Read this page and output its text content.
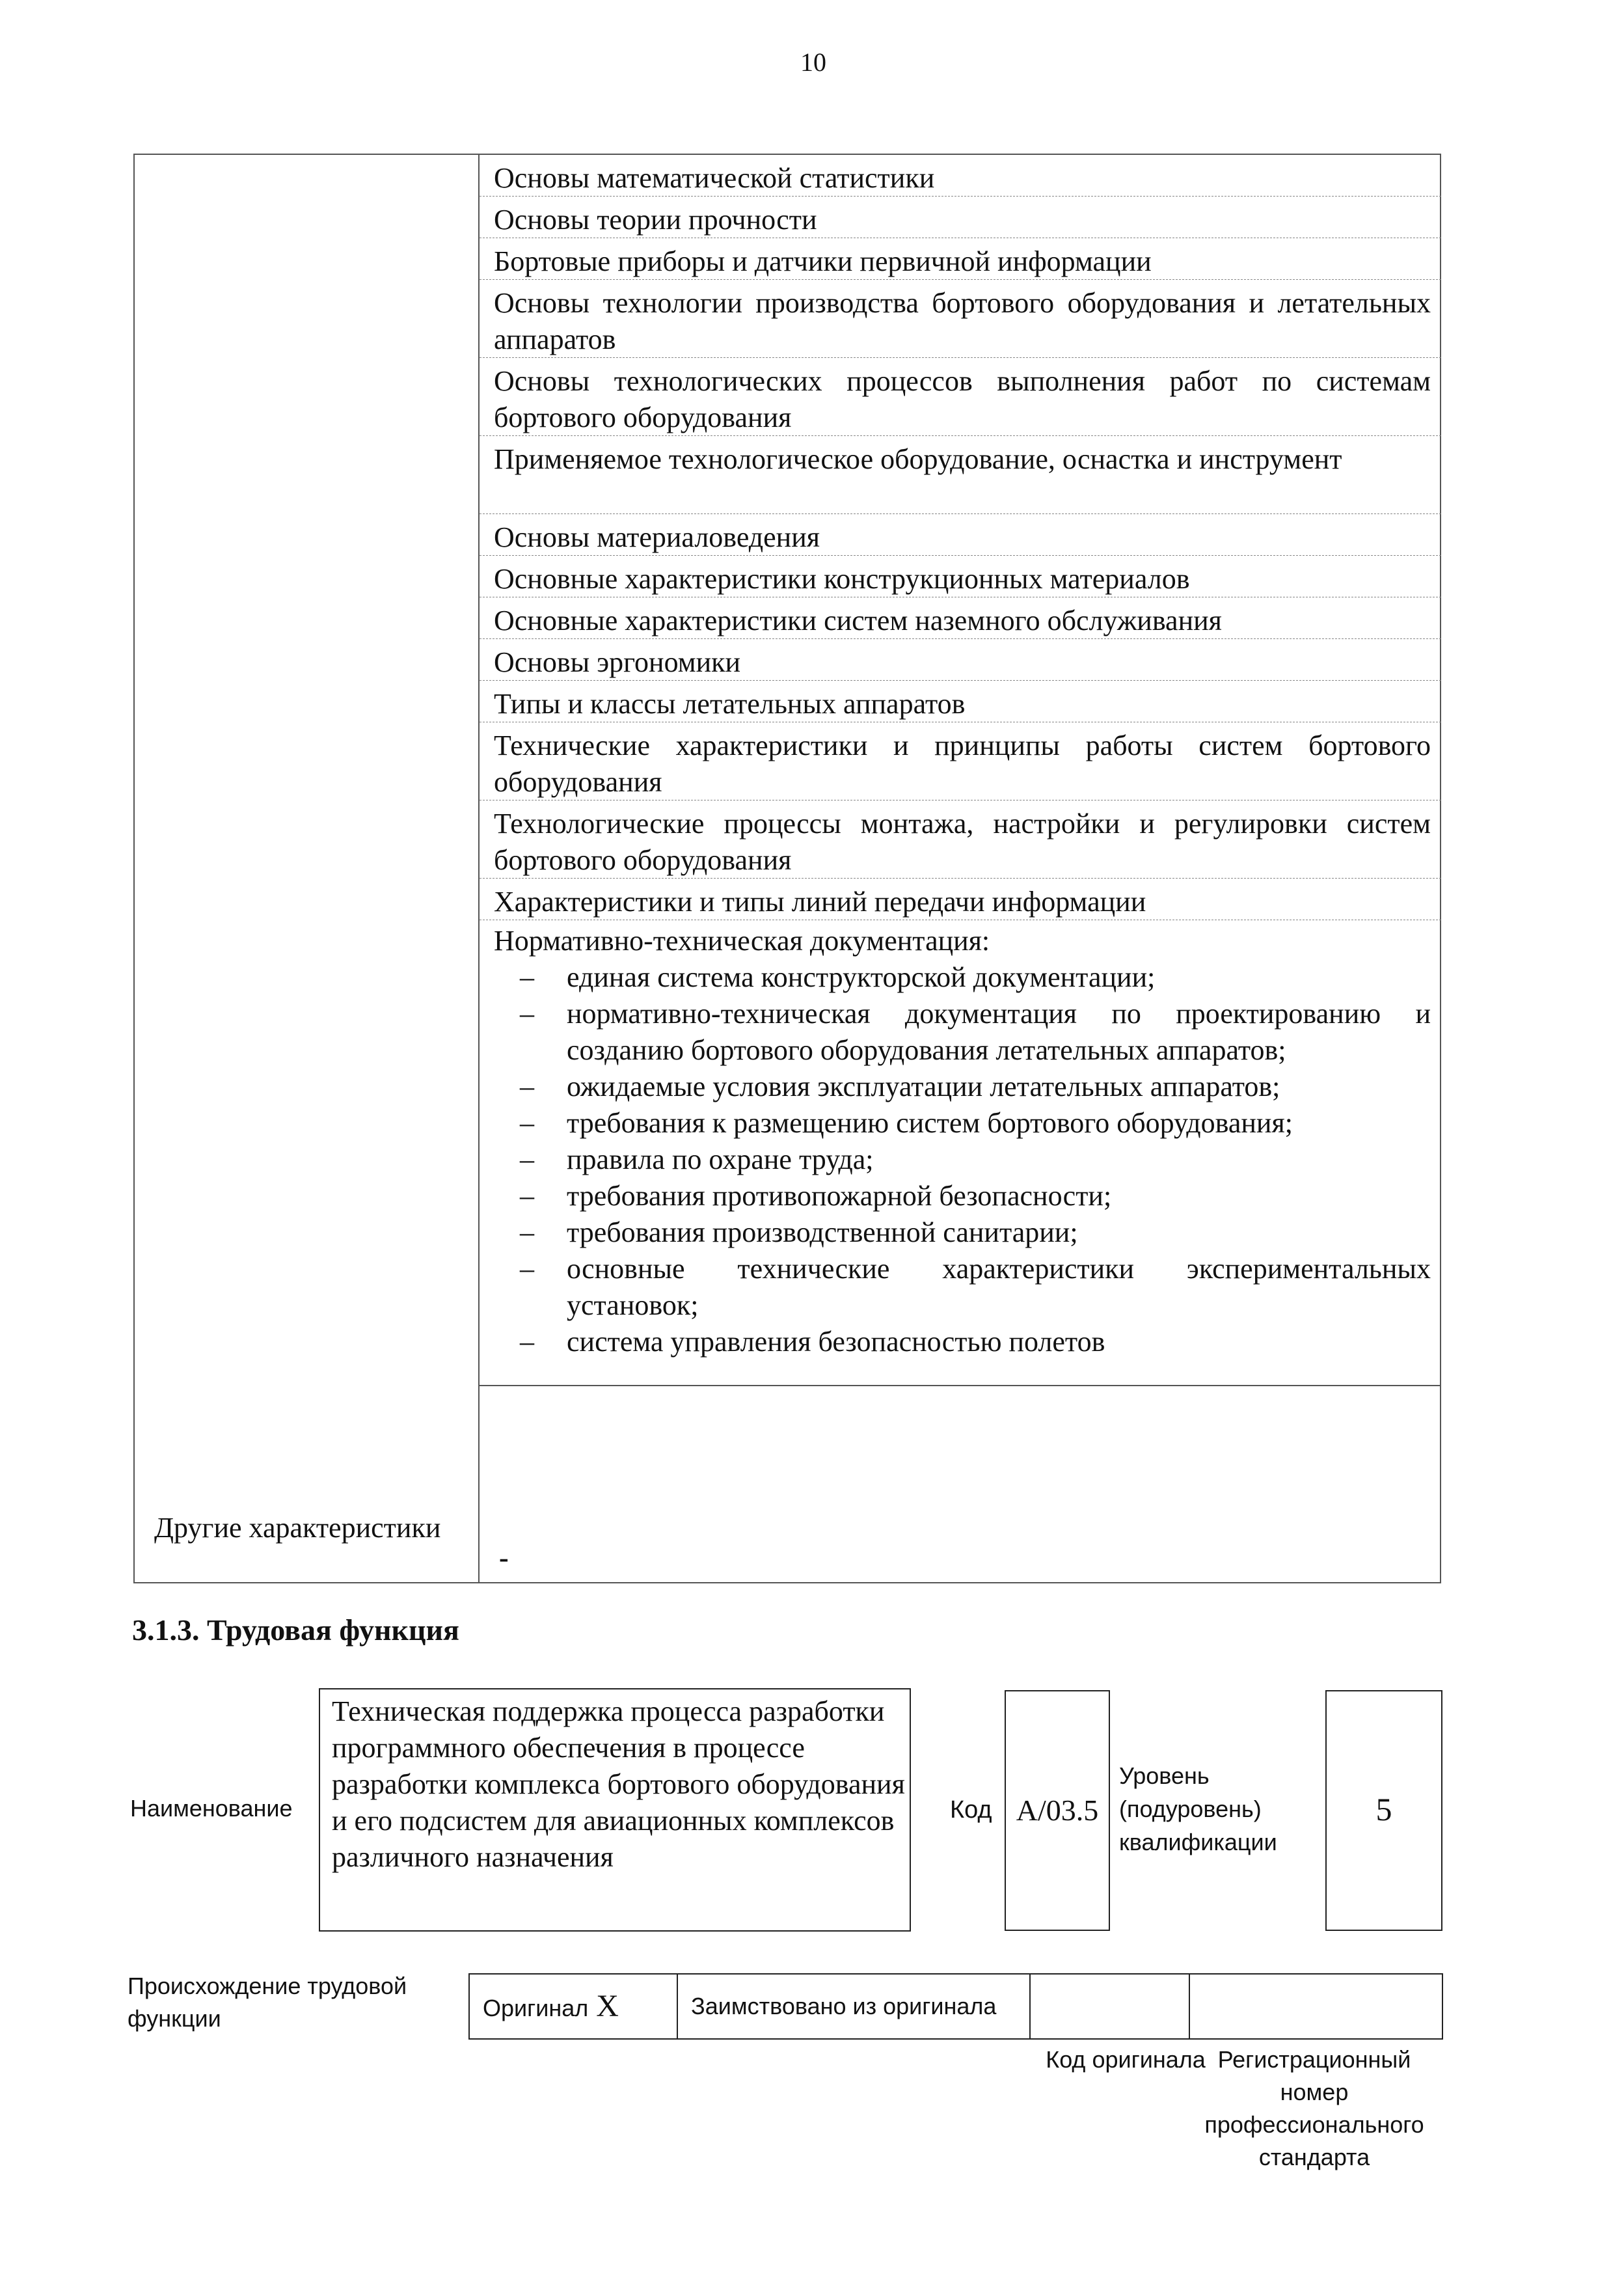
10
Основы математической статистики
Основы теории прочности
Бортовые приборы и датчики первичной информации
Основы технологии производства бортового оборудования и летательных аппаратов
Основы технологических процессов выполнения работ по системам бортового оборудования
Применяемое технологическое оборудование, оснастка и инструмент
Основы материаловедения
Основные характеристики конструкционных материалов
Основные характеристики систем наземного обслуживания
Основы эргономики
Типы и классы летательных аппаратов
Технические характеристики и принципы работы систем бортового оборудования
Технологические процессы монтажа, настройки и регулировки систем бортового оборудования
Характеристики и типы линий передачи информации
Нормативно-техническая документация:
– единая система конструкторской документации;
– нормативно-техническая документация по проектированию и созданию бортового оборудования летательных аппаратов;
– ожидаемые условия эксплуатации летательных аппаратов;
– требования к размещению систем бортового оборудования;
– правила по охране труда;
– требования противопожарной безопасности;
– требования производственной санитарии;
– основные технические характеристики экспериментальных установок;
– система управления безопасностью полетов
Другие характеристики
-
3.1.3. Трудовая функция
Наименование
Техническая поддержка процесса разработки программного обеспечения в процессе разработки комплекса бортового оборудования и его подсистем для авиационных комплексов различного назначения
Код А/03.5
Уровень (подуровень) квалификации
5
Происхождение трудовой функции	Оригинал X	Заимствовано из оригинала
Код оригинала Регистрационный номер профессионального стандарта
